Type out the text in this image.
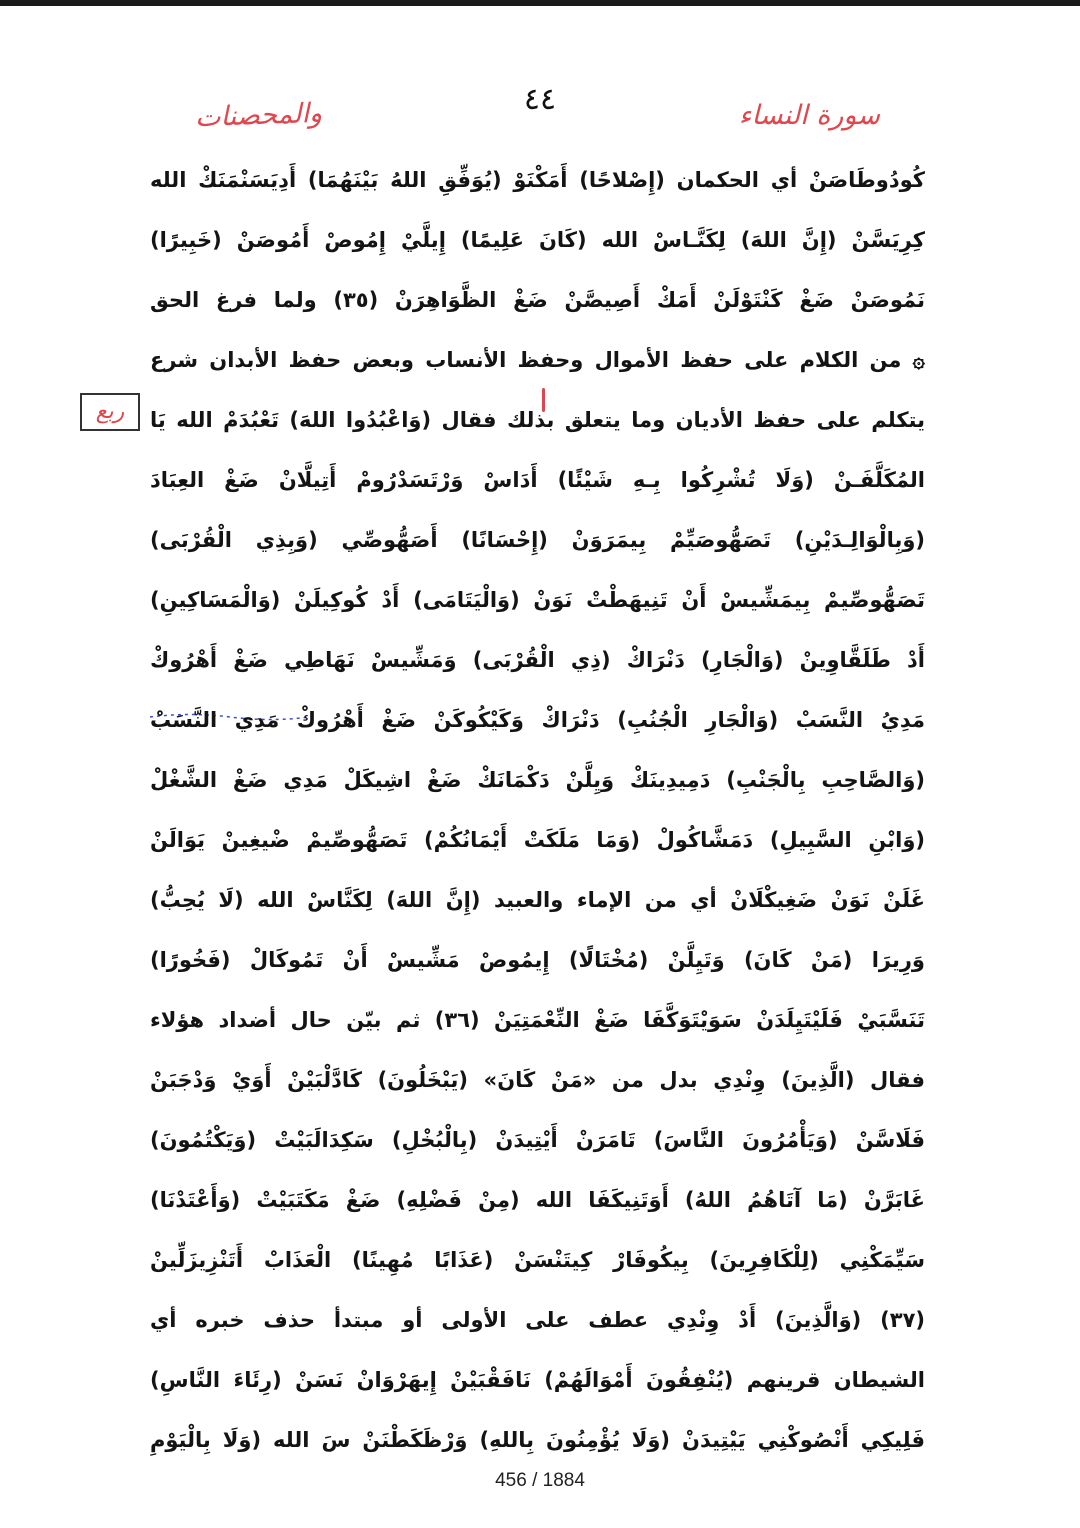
٤٤	سورة النساء
والمحصنات
ربع
كُودُوطَاصَنْ أي الحكمان (إِصْلاحًا) أَمَكْنَوْ (يُوَفِّقِ اللهُ بَيْنَهُمَا) أَدِيَسَنْمَنَكْ الله
كِرِيَسَّنْ (إِنَّ اللهَ) لِكَنَّـاسْ الله (كَانَ عَلِيمًا) إِيلَّيْ إِمُوصْ أَمُوصَنْ (خَبِيرًا)
نَمُوصَنْ ضَغْ كَنْتَوْلَنْ أَمَكْ أَصِيصَّنْ ضَغْ الظَّوَاهِرَنْ (٣٥) ولما فرغ الحق
۞ من الكلام على حفظ الأموال وحفظ الأنساب وبعض حفظ الأبدان شرع
يتكلم على حفظ الأديان وما يتعلق بذلك فقال (وَاعْبُدُوا اللهَ) تَعْبُدَمْ الله يَا
المُكَلَّفَـنْ (وَلَا تُشْرِكُوا بِـهِ شَيْئًا) أَدَاسْ وَرْتَسَدْرُومْ أَتِيلَّانْ ضَغْ العِبَادَ
(وَبِالْوَالِـدَيْنِ) تَصَهُّوصَيِّمْ بِيمَرَوَنْ (إِحْسَانًا) أَصَهُّوصِّي (وَبِذِي الْقُرْبَى)
تَصَهُّوصِّيمْ بِيمَشِّيسْ أَنْ تَنِيهَطْتْ نَوَنْ (وَالْيَتَامَى) أَدْ كُوكِيلَنْ (وَالْمَسَاكِينِ)
أَدْ طَلَقَّاوِينْ (وَالْجَارِ) دَنْرَاكْ (ذِي الْقُرْبَى) وَمَشِّيسْ نَهَاطِي ضَغْ أَهْرُوكْ
مَدِيُ النَّسَبْ (وَالْجَارِ الْجُنُبِ) دَنْرَاكْ وَكَيْكُوكَنْ ضَغْ أَهْرُوكْ مَدِي النَّسَبْ
(وَالصَّاحِبِ بِالْجَنْبِ) دَمِيدِينَكْ وَيِلَّنْ دَكْمَانَكْ ضَغْ اشِيكَلْ مَدِي ضَغْ الشَّغْلْ
(وَابْنِ السَّبِيلِ) دَمَشَّاكُولْ (وَمَا مَلَكَتْ أَيْمَانُكُمْ) تَصَهُّوصِّيمْ ضْيغِينْ يَوَالَنْ
غَلَنْ نَوَنْ ضَغِيكْلَانْ أي من الإماء والعبيد (إِنَّ اللهَ) لِكَنَّاسْ الله (لَا يُحِبُّ)
وَرِيرَا (مَنْ كَانَ) وَتَيِلَّنْ (مُخْتَالًا) إِيمُوصْ مَشِّيسْ أَنْ تَمُوكَالْ (فَخُورًا)
تَنَسَّبَيْ فَلَيْتَيِلَدَنْ سَوَيْتَوَكَّفَا ضَغْ النِّعْمَتِيَنْ (٣٦) ثم بيّن حال أضداد هؤلاء
فقال (الَّذِينَ) وِنْدِي بدل من «مَنْ كَانَ» (يَبْخَلُونَ) كَادَّلْبَيْنْ أَوَيْ وَدْجَبَنْ
فَلَاسَّنْ (وَيَأْمُرُونَ النَّاسَ) تَامَرَنْ أَيْتِيدَنْ (بِالْبُخْلِ) سَكِدَالَبَيْتْ (وَيَكْتُمُونَ)
غَابَرَّنْ (مَا آتَاهُمُ اللهُ) أَوَتَنِيكَفَا الله (مِنْ فَضْلِهِ) ضَغْ مَكَتَبَيْتْ (وَأَعْتَدْنَا)
سَيِّمَكْنِي (لِلْكَافِرِينَ) بِيكُوفَارْ كِيتَنْسَنْ (عَذَابًا مُهِينًا) الْعَذَابْ أَتَنْزِيزَلِّينْ
(٣٧) (وَالَّذِينَ) أَدْ وِنْدِي عطف على الأولى أو مبتدأ حذف خبره أي
الشيطان قرينهم (يُنْفِقُونَ أَمْوَالَهُمْ) نَافَقْبَيْنْ إِيهَرْوَانْ نَسَنْ (رِئَاءَ النَّاسِ)
فَلِيكِي أَنْصُوكْنِي يَيْتِيدَنْ (وَلَا يُؤْمِنُونَ بِاللهِ) وَرْظَكَطْنَنْ سَ الله (وَلَا بِالْيَوْمِ
456 / 1884
